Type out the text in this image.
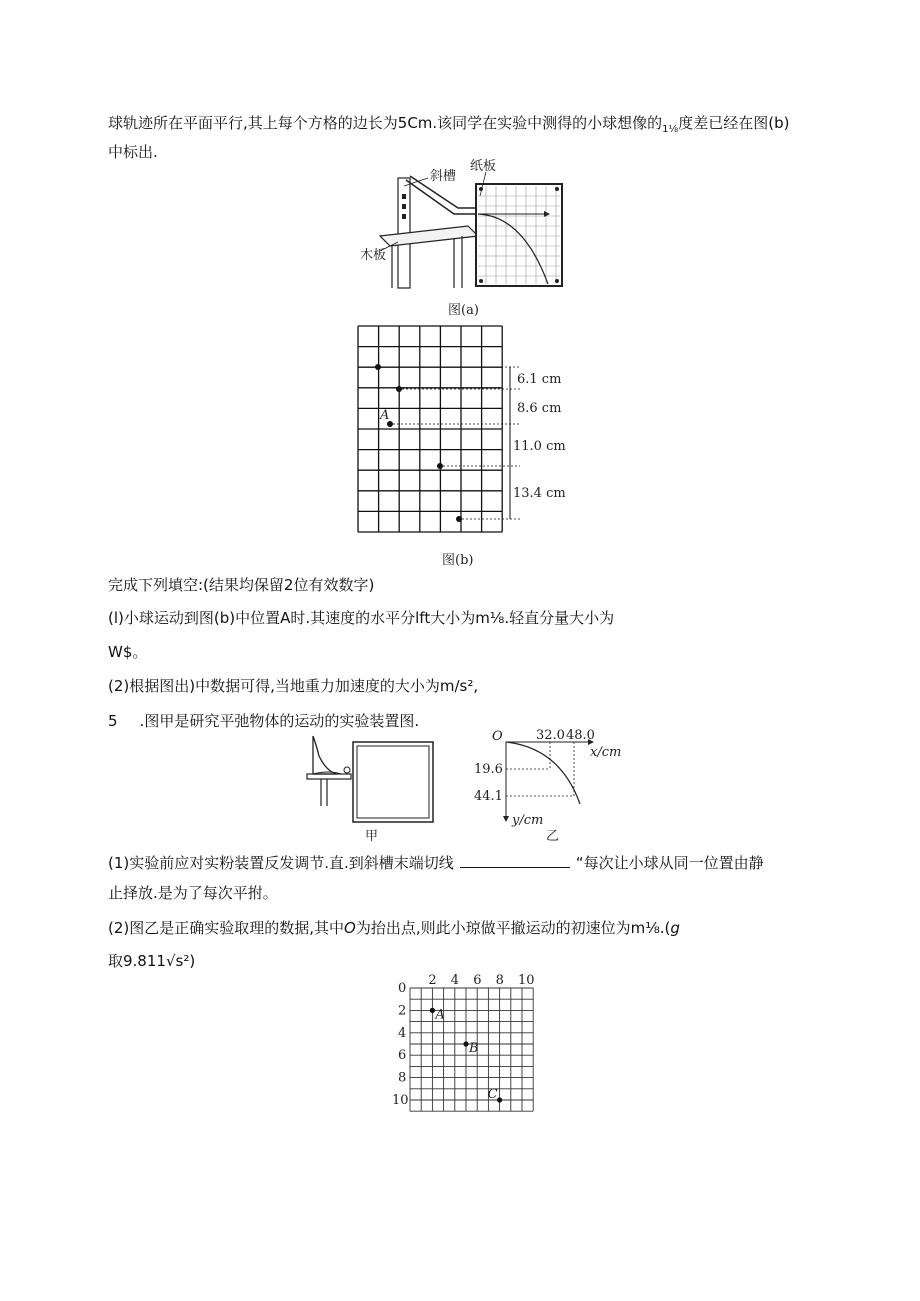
球轨迹所在平面平行,其上每个方格的边长为5Cm.该同学在实验中测得的小球想像的$_{1\frac{1}{8}}$度差已经在图(b)
中标出.
斜槽
纸板
木板
图(a)
A
6.1 cm
8.6 cm
11.0 cm
13.4 cm
图(b)
完成下列填空:(结果均保留2位有效数字)
(l)小球运动到图(b)中位置A时.其速度的水平分lft大小为m⅛.轻直分量大小为
W$。
(2)根据图出)中数据可得,当地重力加速度的大小为m∕s²,
5 .图甲是研究平弛物体的运动的实验装置图.
甲
O	32.0 48.0
x/cm
19.6
44.1
y/cm
乙
(1)实验前应对实粉装置反发调节.直.到斜槽末端切线	“每次让小球从同一位置由静
止择放.是为了每次平拊。
(2)图乙是正确实验取理的数据,其中O为抬出点,则此小琼做平撤运动的初速位为m⅛.(g
取9.811√s²)
2 4 6 8 10
0
2
4
6
8
10
A
B
C
